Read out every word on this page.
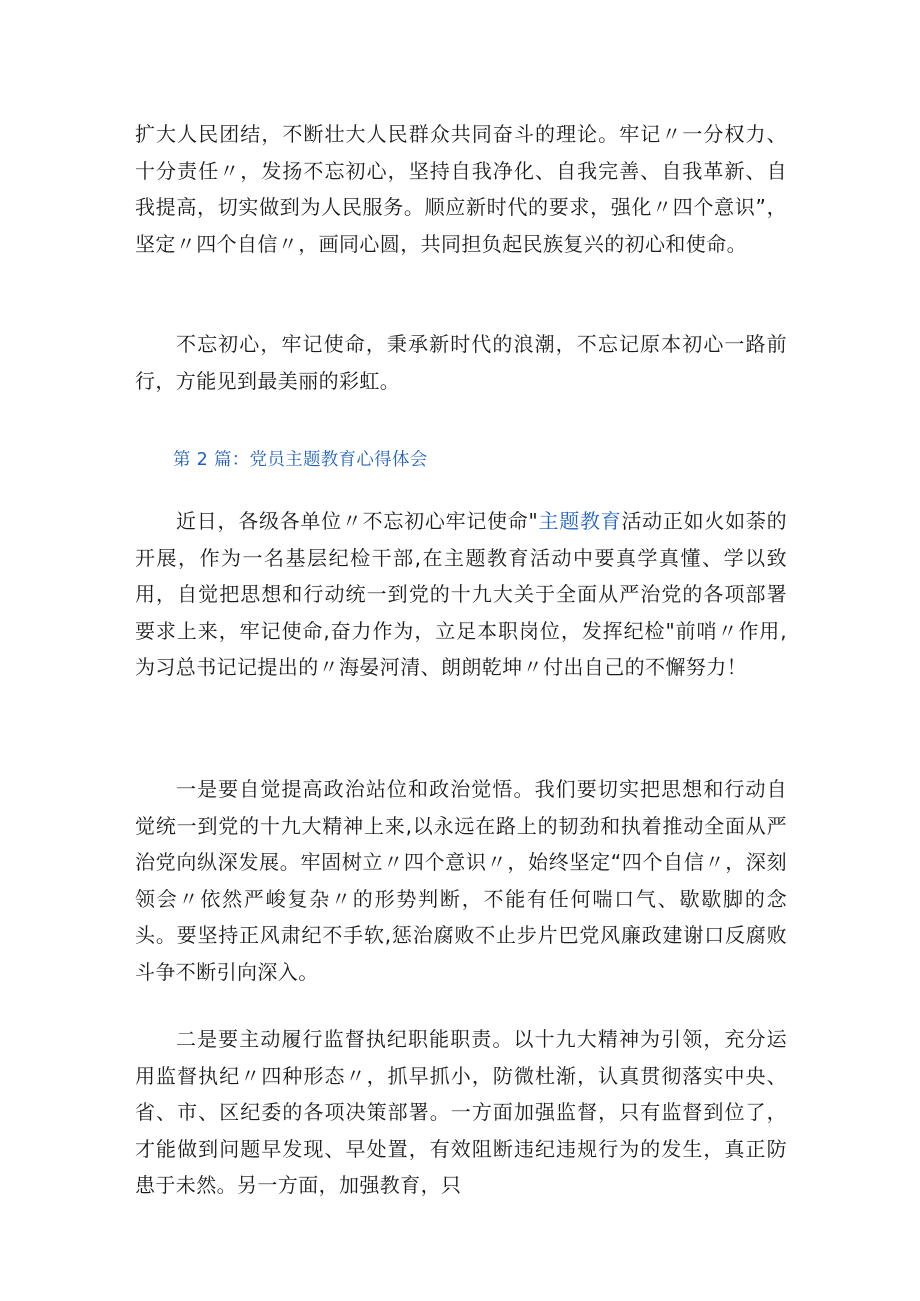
扩大人民团结，不断壮大人民群众共同奋斗的理论。牢记〃一分权力、十分责任〃，发扬不忘初心，坚持自我净化、自我完善、自我革新、自我提高，切实做到为人民服务。顺应新时代的要求，强化〃四个意识”，坚定〃四个自信〃，画同心圆，共同担负起民族复兴的初心和使命。

不忘初心，牢记使命，秉承新时代的浪潮，不忘记原本初心一路前行，方能见到最美丽的彩虹。

第 2 篇：党员主题教育心得体会

近日，各级各单位〃不忘初心牢记使命"主题教育活动正如火如荼的开展，作为一名基层纪检干部,在主题教育活动中要真学真懂、学以致用，自觉把思想和行动统一到党的十九大关于全面从严治党的各项部署要求上来，牢记使命,奋力作为，立足本职岗位，发挥纪检"前哨〃作用,为习总书记记提出的〃海晏河清、朗朗乾坤〃付出自己的不懈努力！

一是要自觉提高政治站位和政治觉悟。我们要切实把思想和行动自觉统一到党的十九大精神上来,以永远在路上的韧劲和执着推动全面从严治党向纵深发展。牢固树立〃四个意识〃，始终坚定“四个自信〃，深刻领会〃依然严峻复杂〃的形势判断，不能有任何喘口气、歇歇脚的念头。要坚持正风肃纪不手软,惩治腐败不止步片巴党风廉政建谢口反腐败斗争不断引向深入。

二是要主动履行监督执纪职能职责。以十九大精神为引领，充分运用监督执纪〃四种形态〃，抓早抓小，防微杜渐，认真贯彻落实中央、省、市、区纪委的各项决策部署。一方面加强监督，只有监督到位了，才能做到问题早发现、早处置，有效阻断违纪违规行为的发生，真正防患于未然。另一方面，加强教育，只
